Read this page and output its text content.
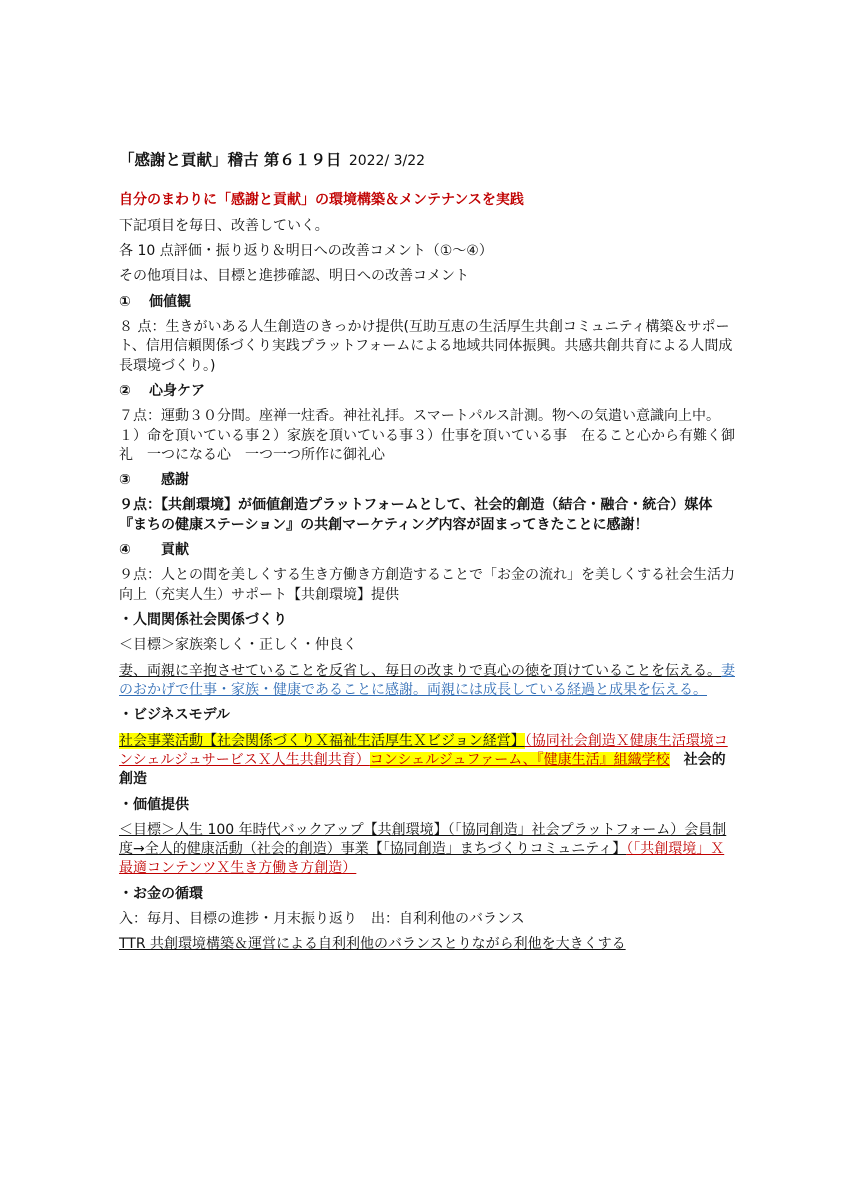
「感謝と貢献」稽古 第６１９日 2022/ 3/22

自分のまわりに「感謝と貢献」の環境構築＆メンテナンスを実践

下記項目を毎日、改善していく。

各 10 点評価・振り返り＆明日への改善コメント（①～④）

その他項目は、目標と進捗確認、明日への改善コメント

① 価値観

８ 点：生きがいある人生創造のきっかけ提供(互助互恵の生活厚生共創コミュニティ構築＆サポート、信用信頼関係づくり実践プラットフォームによる地域共同体振興。共感共創共育による人間成長環境づくり。)

② 心身ケア

７点：運動３０分間。座禅一炷香。神社礼拝。スマートパルス計測。物への気遣い意識向上中。１）命を頂いている事２）家族を頂いている事３）仕事を頂いている事　在ること心から有難く御礼　一つになる心　一つ一つ所作に御礼心

③ 感謝

９点：【共創環境】が価値創造プラットフォームとして、社会的創造（結合・融合・統合）媒体『まちの健康ステーション』の共創マーケティング内容が固まってきたことに感謝！

④ 貢献

９点：人との間を美しくする生き方働き方創造することで「お金の流れ」を美しくする社会生活力向上（充実人生）サポート【共創環境】提供

・人間関係社会関係づくり

＜目標＞家族楽しく・正しく・仲良く

妻、両親に辛抱させていることを反省し、毎日の改まりで真心の徳を頂けていることを伝える。妻のおかげで仕事・家族・健康であることに感謝。両親には成長している経過と成果を伝える。

・ビジネスモデル

社会事業活動【社会関係づくりＸ福祉生活厚生Ｘビジョン経営】（協同社会創造Ｘ健康生活環境コンシェルジュサービスＸ人生共創共育）コンシェルジュファーム、『健康生活』組織学校　 社会的創造

・価値提供

＜目標＞人生 100 年時代バックアップ【共創環境】（「協同創造」社会プラットフォーム）会員制度→全人的健康活動（社会的創造）事業【「協同創造」まちづくりコミュニティ】（「共創環境」Ｘ 最適コンテンツＸ生き方働き方創造）

・お金の循環

入：毎月、目標の進捗・月末振り返り　出：自利利他のバランス

TTR 共創環境構築＆運営による自利利他のバランスとりながら利他を大きくする
